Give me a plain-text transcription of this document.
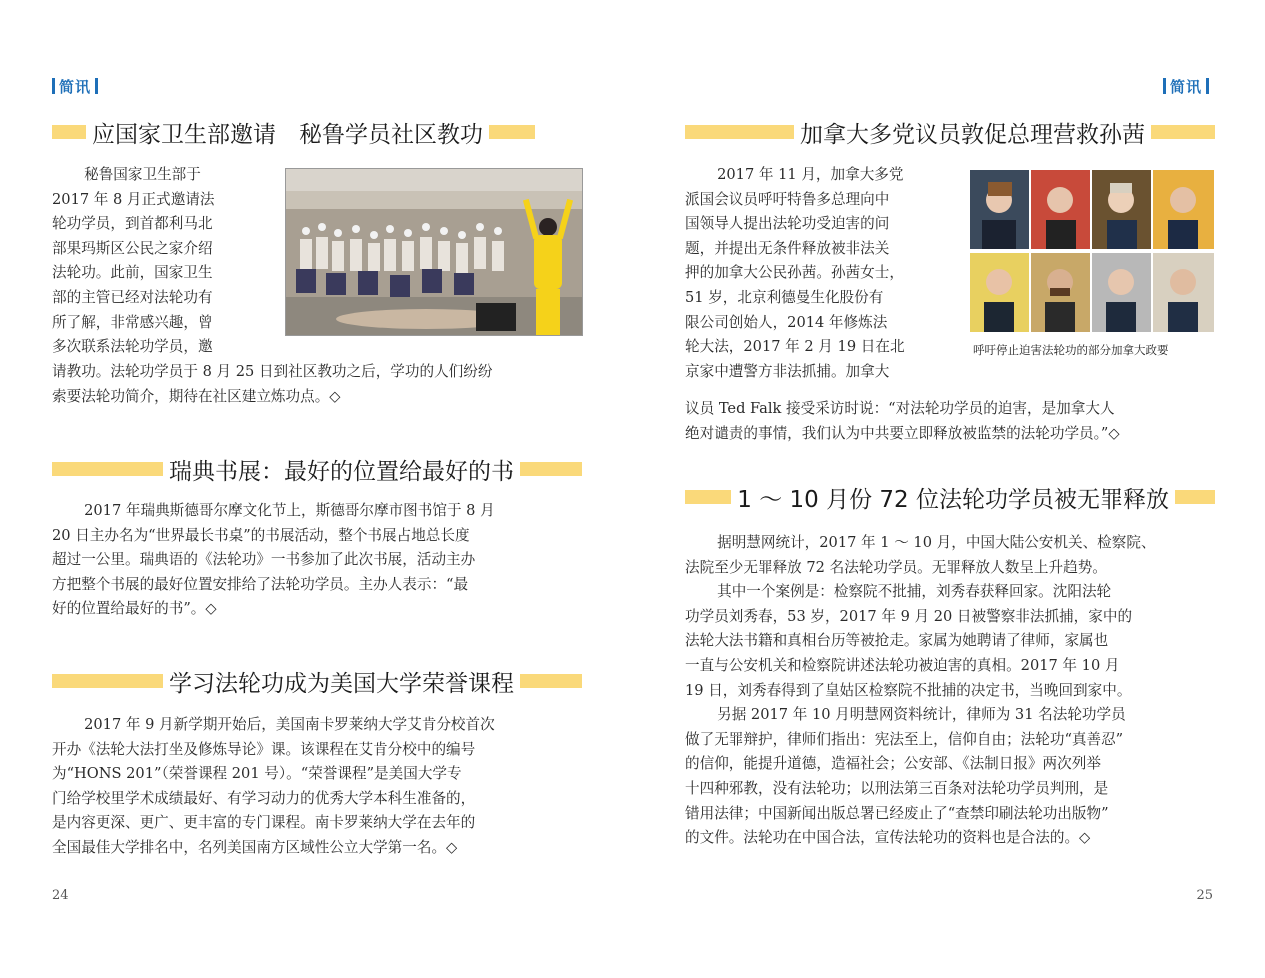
简讯
应国家卫生部邀请　秘鲁学员社区教功

秘鲁国家卫生部于

2017 年 8 月正式邀请法
轮功学员，到首都利马北
部果玛斯区公民之家介绍
法轮功。此前，国家卫生
部的主管已经对法轮功有
所了解，非常感兴趣，曾
多次联系法轮功学员，邀
请教功。法轮功学员于 8 月 25 日到社区教功之后，学功的人们纷纷
索要法轮功简介，期待在社区建立炼功点。◇
瑞典书展：最好的位置给最好的书
2017 年瑞典斯德哥尔摩文化节上，斯德哥尔摩市图书馆于 8 月
20 日主办名为“世界最长书桌”的书展活动，整个书展占地总长度
超过一公里。瑞典语的《法轮功》一书参加了此次书展，活动主办
方把整个书展的最好位置安排给了法轮功学员。主办人表示：“最
好的位置给最好的书”。◇
学习法轮功成为美国大学荣誉课程
2017 年 9 月新学期开始后，美国南卡罗莱纳大学艾肯分校首次
开办《法轮大法打坐及修炼导论》课。该课程在艾肯分校中的编号
为“HONS 201”（荣誉课程 201 号）。“荣誉课程”是美国大学专
门给学校里学术成绩最好、有学习动力的优秀大学本科生准备的，
是内容更深、更广、更丰富的专门课程。南卡罗莱纳大学在去年的
全国最佳大学排名中，名列美国南方区域性公立大学第一名。◇
24
简讯
加拿大多党议员敦促总理营救孙茜
呼吁停止迫害法轮功的部分加拿大政要
2017 年 11 月，加拿大多党
派国会议员呼吁特鲁多总理向中
国领导人提出法轮功受迫害的问
题，并提出无条件释放被非法关
押的加拿大公民孙茜。孙茜女士，
51 岁，北京利德曼生化股份有
限公司创始人，2014 年修炼法
轮大法，2017 年 2 月 19 日在北
京家中遭警方非法抓捕。加拿大
议员 Ted Falk 接受采访时说：“对法轮功学员的迫害，是加拿大人
绝对谴责的事情，我们认为中共要立即释放被监禁的法轮功学员。”◇
1 ～ 10 月份 72 位法轮功学员被无罪释放
据明慧网统计，2017 年 1 ～ 10 月，中国大陆公安机关、检察院、
法院至少无罪释放 72 名法轮功学员。无罪释放人数呈上升趋势。
其中一个案例是：检察院不批捕，刘秀春获释回家。沈阳法轮
功学员刘秀春，53 岁，2017 年 9 月 20 日被警察非法抓捕，家中的
法轮大法书籍和真相台历等被抢走。家属为她聘请了律师，家属也
一直与公安机关和检察院讲述法轮功被迫害的真相。2017 年 10 月
19 日，刘秀春得到了皇姑区检察院不批捕的决定书，当晚回到家中。
另据 2017 年 10 月明慧网资料统计，律师为 31 名法轮功学员
做了无罪辩护，律师们指出：宪法至上，信仰自由；法轮功“真善忍”
的信仰，能提升道德，造福社会；公安部、《法制日报》两次列举
十四种邪教，没有法轮功；以刑法第三百条对法轮功学员判刑，是
错用法律；中国新闻出版总署已经废止了“查禁印刷法轮功出版物”
的文件。法轮功在中国合法，宣传法轮功的资料也是合法的。◇
25
